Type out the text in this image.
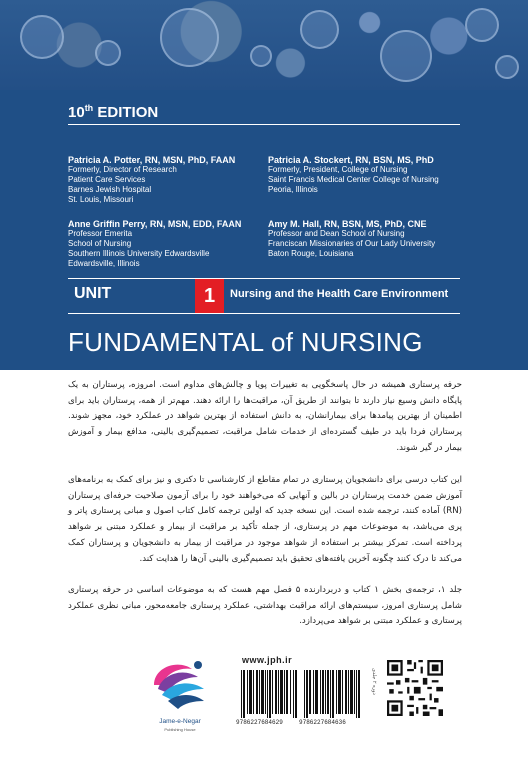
10th EDITION
Patricia A. Potter, RN, MSN, PhD, FAAN
Formerly, Director of Research
Patient Care Services
Barnes Jewish Hospital
St. Louis, Missouri
Patricia A. Stockert, RN, BSN, MS, PhD
Formerly, President, College of Nursing
Saint Francis Medical Center College of Nursing
Peoria, Illinois
Anne Griffin Perry, RN, MSN, EDD, FAAN
Professor Emerita
School of Nursing
Southern Illinois University Edwardsville
Edwardsville, Illinois
Amy M. Hall, RN, BSN, MS, PhD, CNE
Professor and Dean School of Nursing
Franciscan Missionaries of Our Lady University
Baton Rouge, Louisiana
UNIT	1	Nursing and the Health Care Environment
FUNDAMENTAL of NURSING
حرفه پرستاری همیشه در حال پاسخگویی به تغییرات پویا و چالش‌های مداوم است. امروزه، پرستاران به یک پایگاه دانش وسیع نیاز دارند تا بتوانند از طریق آن، مراقبت‌ها را ارائه دهند. مهم‌تر از همه، پرستاران باید برای اطمینان از بهترین پیامدها برای بیمارانشان، به دانش استفاده از بهترین شواهد در عملکرد خود، مجهز شوند. پرستاران فردا باید در طیف گسترده‌ای از خدمات شامل مراقبت، تصمیم‌گیری بالینی، مدافع بیمار و آموزش بیمار در گیر شوند.
این کتاب درسی برای دانشجویان پرستاری در تمام مقاطع از کارشناسی تا دکتری و نیز برای کمک به برنامه‌های آموزش ضمن خدمت پرستاران در بالین و آنهایی که می‌خواهند خود را برای آزمون صلاحیت حرفه‌ای پرستاران (RN) آماده کنند، ترجمه شده است. این نسخه جدید که اولین ترجمه کامل کتاب اصول و مبانی پرستاری پاتر و پری می‌باشد، به موضوعات مهم در پرستاری، از جمله تأکید بر مراقبت از بیمار و عملکرد مبتنی بر شواهد پرداخته است. تمرکز بیشتر بر استفاده از شواهد موجود در مراقبت از بیمار به دانشجویان و پرستاران کمک می‌کند تا درک کنند چگونه آخرین یافته‌های تحقیق باید تصمیم‌گیری بالینی آن‌ها را هدایت کند.
جلد ۱، ترجمه‌ی بخش ۱ کتاب و دربردارنده ۵ فصل مهم هست که به موضوعات اساسی در حرفه پرستاری شامل پرستاری امروز، سیستم‌های ارائه مراقبت بهداشتی، عملکرد پرستاری جامعه‌محور، مبانی نظری عملکرد پرستاری و عملکرد مبتنی بر شواهد می‌پردازد.
Jame-e-Negar
Publishing House
www.jph.ir
9786227684629	9786227684636
دوره ۲ جلدی
